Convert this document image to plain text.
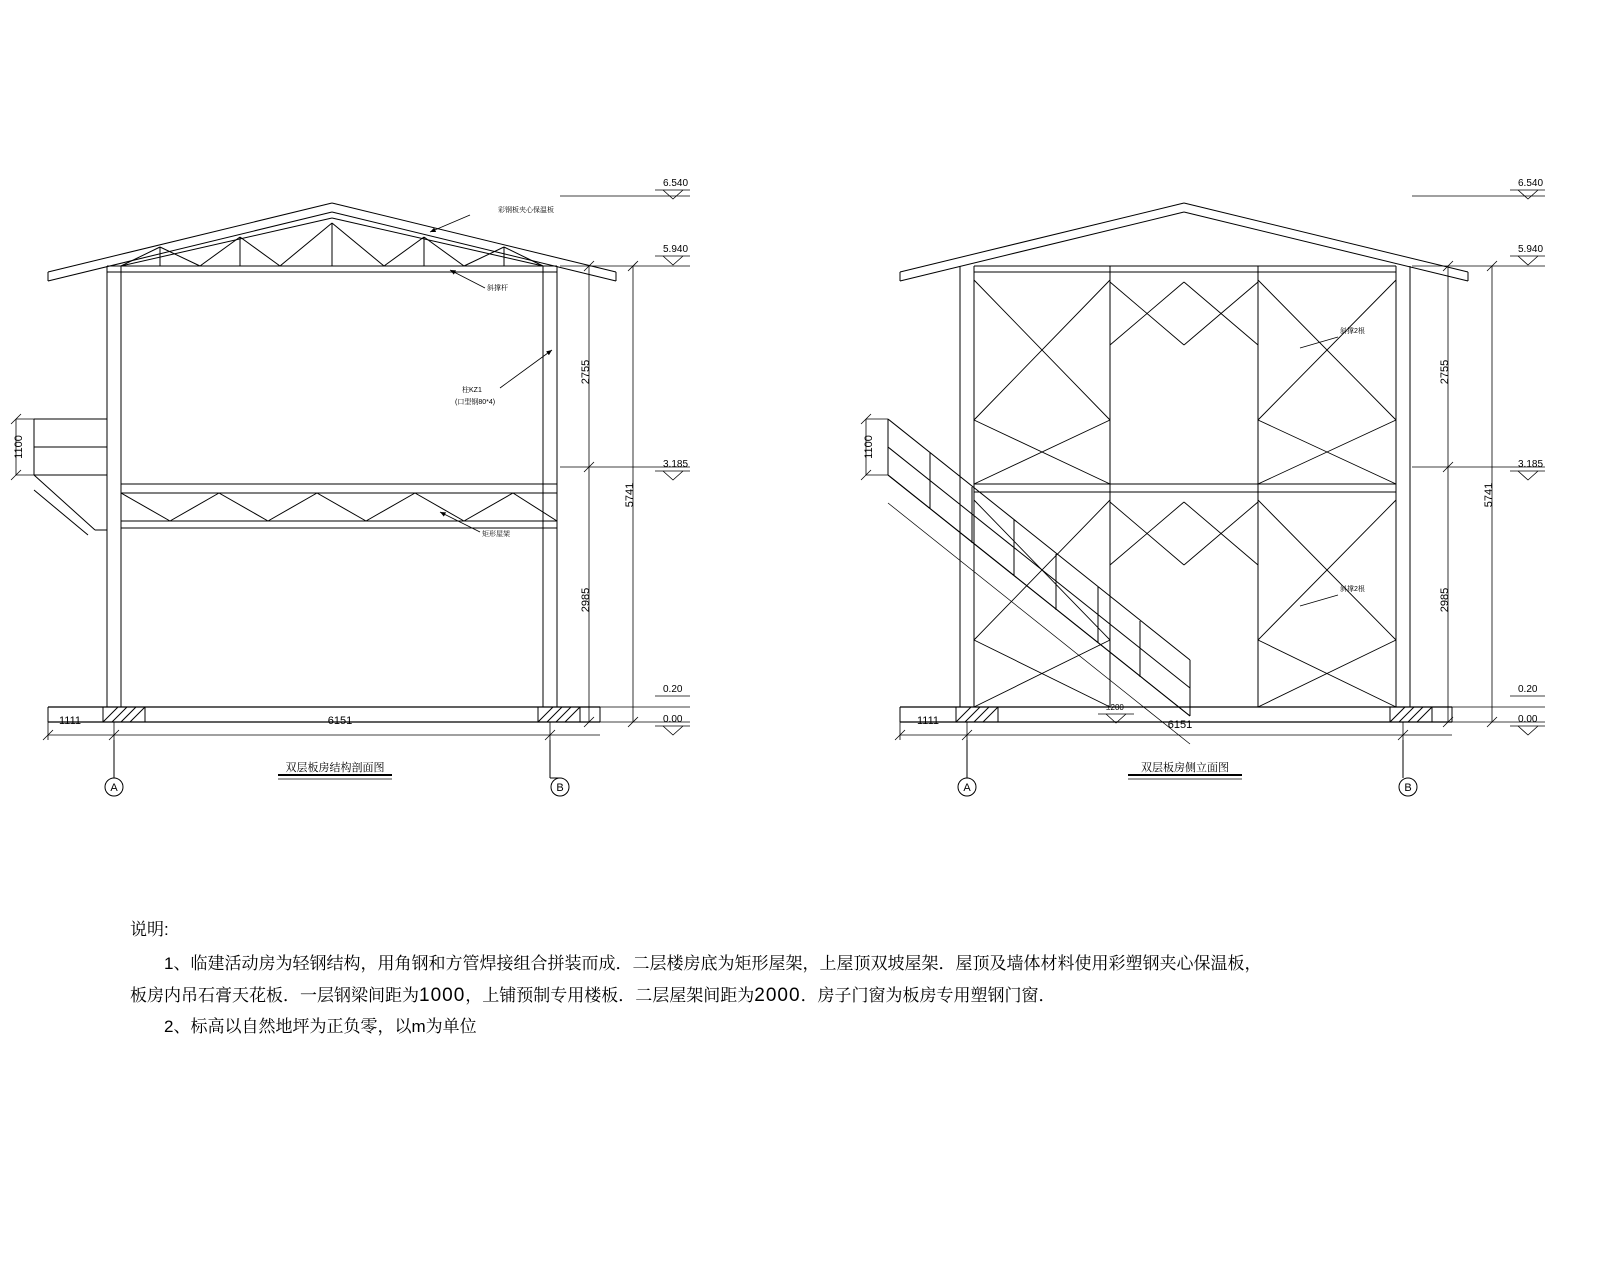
6.540
5.940
3.185
0.20
0.00
2755
2985
5741
1100
6151
1111
彩钢板夹心保温板
斜撑杆
柱KZ1
(口型钢80*4)
矩形屋架
A	B
双层板房结构剖面图
6.540
5.940
3.185
0.20
0.00
2755
2985
5741
1100
6151
1111
±200
斜撑2根
斜撑2根
A	B
双层板房侧立面图
说明:
1、临建活动房为轻钢结构，用角钢和方管焊接组合拼装而成．二层楼房底为矩形屋架，上屋顶双坡屋架．屋顶及墙体材料使用彩塑钢夹心保温板，
板房内吊石膏天花板．一层钢梁间距为1000，上铺预制专用楼板．二层屋架间距为2000．房子门窗为板房专用塑钢门窗．
2、标高以自然地坪为正负零，以m为单位
